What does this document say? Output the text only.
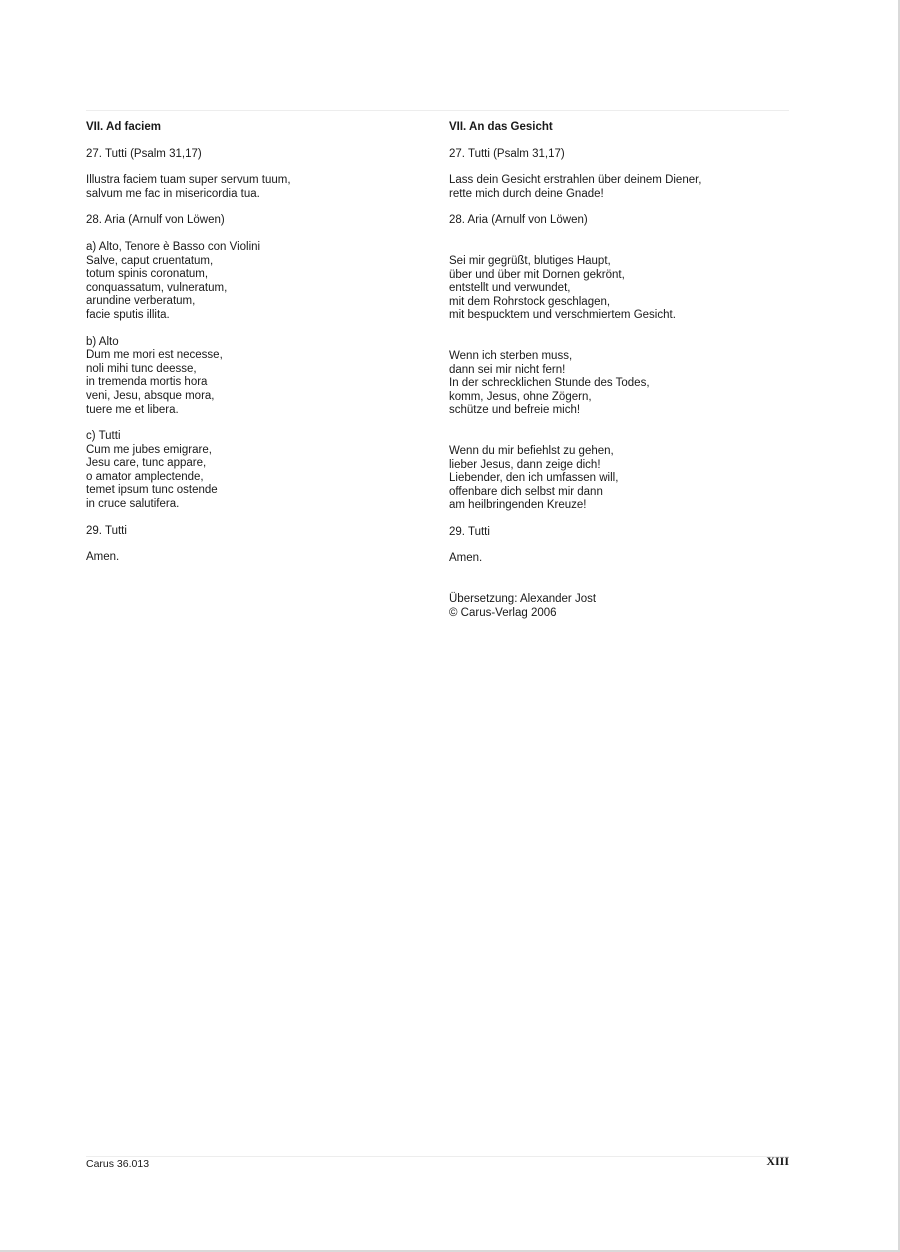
VII. Ad faciem
27. Tutti (Psalm 31,17)
Illustra faciem tuam super servum tuum,
salvum me fac in misericordia tua.
28. Aria (Arnulf von Löwen)
a) Alto, Tenore è Basso con Violini
Salve, caput cruentatum,
totum spinis coronatum,
conquassatum, vulneratum,
arundine verberatum,
facie sputis illita.
b) Alto
Dum me mori est necesse,
noli mihi tunc deesse,
in tremenda mortis hora
veni, Jesu, absque mora,
tuere me et libera.
c) Tutti
Cum me jubes emigrare,
Jesu care, tunc appare,
o amator amplectende,
temet ipsum tunc ostende
in cruce salutifera.
29. Tutti
Amen.
VII. An das Gesicht
27. Tutti (Psalm 31,17)
Lass dein Gesicht erstrahlen über deinem Diener,
rette mich durch deine Gnade!
28. Aria (Arnulf von Löwen)
Sei mir gegrüßt, blutiges Haupt,
über und über mit Dornen gekrönt,
entstellt und verwundet,
mit dem Rohrstock geschlagen,
mit bespucktem und verschmiertem Gesicht.
Wenn ich sterben muss,
dann sei mir nicht fern!
In der schrecklichen Stunde des Todes,
komm, Jesus, ohne Zögern,
schütze und befreie mich!
Wenn du mir befiehlst zu gehen,
lieber Jesus, dann zeige dich!
Liebender, den ich umfassen will,
offenbare dich selbst mir dann
am heilbringenden Kreuze!
29. Tutti
Amen.
Übersetzung: Alexander Jost
© Carus-Verlag 2006
Carus 36.013	XIII
